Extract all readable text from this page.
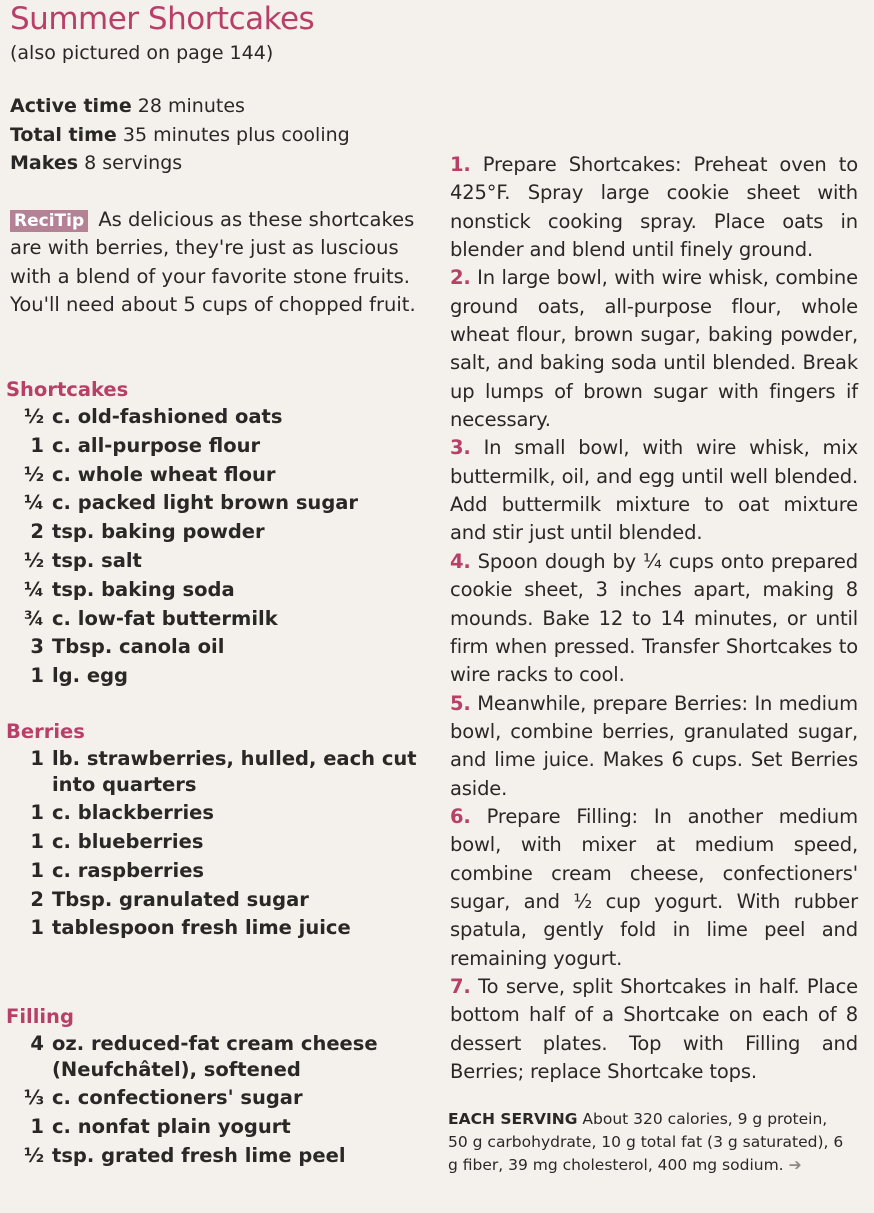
Summer Shortcakes
(also pictured on page 144)
Active time 28 minutes
Total time 35 minutes plus cooling
Makes 8 servings
ReciTip As delicious as these shortcakes are with berries, they're just as luscious with a blend of your favorite stone fruits. You'll need about 5 cups of chopped fruit.
Shortcakes
½ c. old-fashioned oats
1 c. all-purpose flour
½ c. whole wheat flour
¼ c. packed light brown sugar
2 tsp. baking powder
½ tsp. salt
¼ tsp. baking soda
¾ c. low-fat buttermilk
3 Tbsp. canola oil
1 lg. egg
Berries
1 lb. strawberries, hulled, each cut into quarters
1 c. blackberries
1 c. blueberries
1 c. raspberries
2 Tbsp. granulated sugar
1 tablespoon fresh lime juice
Filling
4 oz. reduced-fat cream cheese (Neufchâtel), softened
⅓ c. confectioners' sugar
1 c. nonfat plain yogurt
½ tsp. grated fresh lime peel

1. Prepare Shortcakes: Preheat oven to 425°F. Spray large cookie sheet with nonstick cooking spray. Place oats in blender and blend until finely ground.

2. In large bowl, with wire whisk, combine ground oats, all-purpose flour, whole wheat flour, brown sugar, baking powder, salt, and baking soda until blended. Break up lumps of brown sugar with fingers if necessary.

3. In small bowl, with wire whisk, mix buttermilk, oil, and egg until well blended. Add buttermilk mixture to oat mixture and stir just until blended.

4. Spoon dough by ¼ cups onto prepared cookie sheet, 3 inches apart, making 8 mounds. Bake 12 to 14 minutes, or until firm when pressed. Transfer Shortcakes to wire racks to cool.

5. Meanwhile, prepare Berries: In medium bowl, combine berries, granulated sugar, and lime juice. Makes 6 cups. Set Berries aside.

6. Prepare Filling: In another medium bowl, with mixer at medium speed, combine cream cheese, confectioners' sugar, and ½ cup yogurt. With rubber spatula, gently fold in lime peel and remaining yogurt.

7. To serve, split Shortcakes in half. Place bottom half of a Shortcake on each of 8 dessert plates. Top with Filling and Berries; replace Shortcake tops.

EACH SERVING About 320 calories, 9 g protein, 50 g carbohydrate, 10 g total fat (3 g saturated), 6 g fiber, 39 mg cholesterol, 400 mg sodium. ➔
